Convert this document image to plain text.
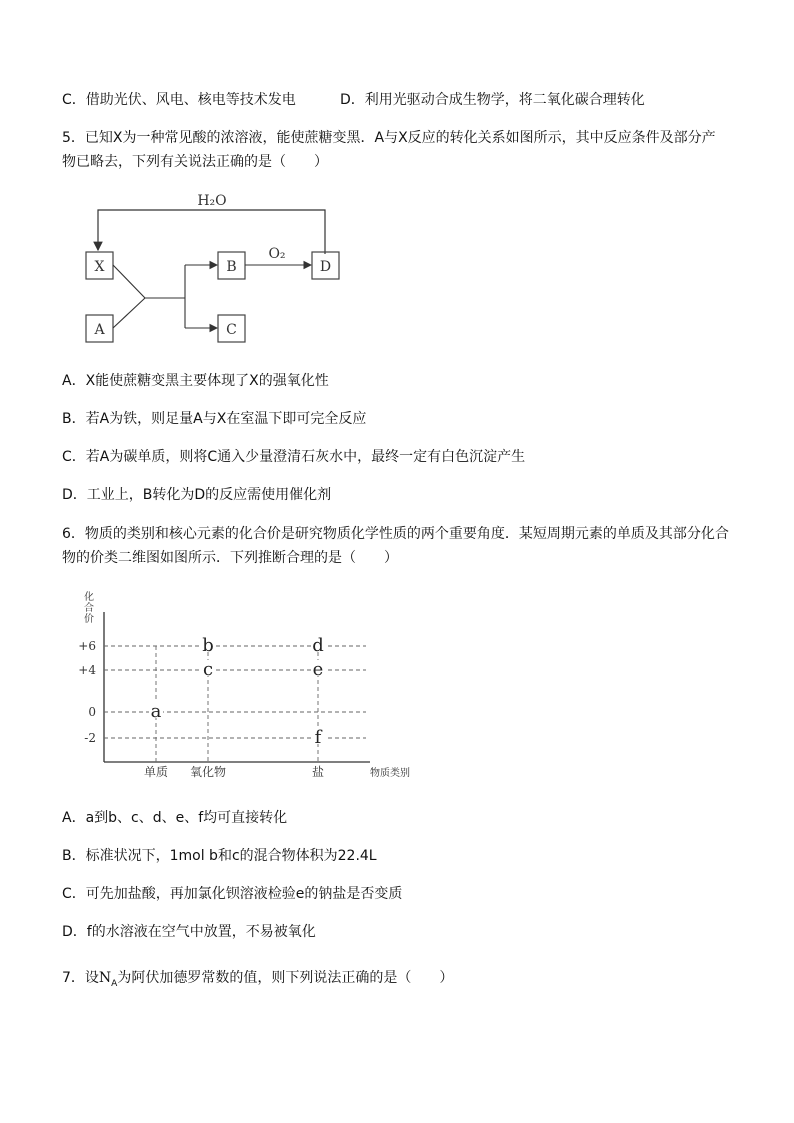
C．借助光伏、风电、核电等技术发电	D．利用光驱动合成生物学，将二氧化碳合理转化
5．已知X为一种常见酸的浓溶液，能使蔗糖变黑．A与X反应的转化关系如图所示，其中反应条件及部分产
物已略去，下列有关说法正确的是（　　）
H₂O
X
A
B
C
D
O₂
A．X能使蔗糖变黑主要体现了X的强氧化性
B．若A为铁，则足量A与X在室温下即可完全反应
C．若A为碳单质，则将C通入少量澄清石灰水中，最终一定有白色沉淀产生
D．工业上，B转化为D的反应需使用催化剂
6．物质的类别和核心元素的化合价是研究物质化学性质的两个重要角度．某短周期元素的单质及其部分化合
物的价类二维图如图所示．下列推断合理的是（　　）
化
合
价
物质类别
+6
+4
0
-2
单质 氧化物	盐
a
b
c
d
e
f
A．a到b、c、d、e、f均可直接转化
B．标准状况下，1mol b和c的混合物体积为22.4L
C．可先加盐酸，再加氯化钡溶液检验e的钠盐是否变质
D．f的水溶液在空气中放置，不易被氧化
7．设$N_A$为阿伏加德罗常数的值，则下列说法正确的是（　　）
